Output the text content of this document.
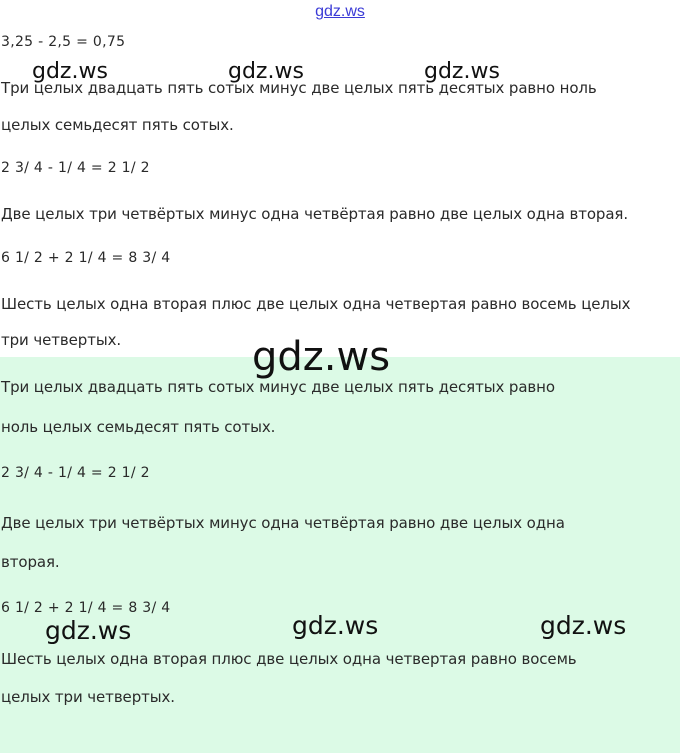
gdz.ws

3,25 - 2,5 = 0,75

Три целых двадцать пять сотых минус две целых пять десятых равно ноль

целых семьдесят пять сотых.

2 3/ 4 - 1/ 4 = 2 1/ 2

Две целых три четвёртых минус одна четвёртая равно две целых одна вторая.

6 1/ 2 + 2 1/ 4 = 8 3/ 4

Шесть целых одна вторая плюс две целых одна четвертая равно восемь целых

три четвертых.

Три целых двадцать пять сотых минус две целых пять десятых равно

ноль целых семьдесят пять сотых.

2 3/ 4 - 1/ 4 = 2 1/ 2

Две целых три четвёртых минус одна четвёртая равно две целых одна

вторая.

6 1/ 2 + 2 1/ 4 = 8 3/ 4

Шесть целых одна вторая плюс две целых одна четвертая равно восемь

целых три четвертых.

gdz.ws	gdz.ws	gdz.ws

gdz.ws

gdz.ws	gdz.ws	gdz.ws
